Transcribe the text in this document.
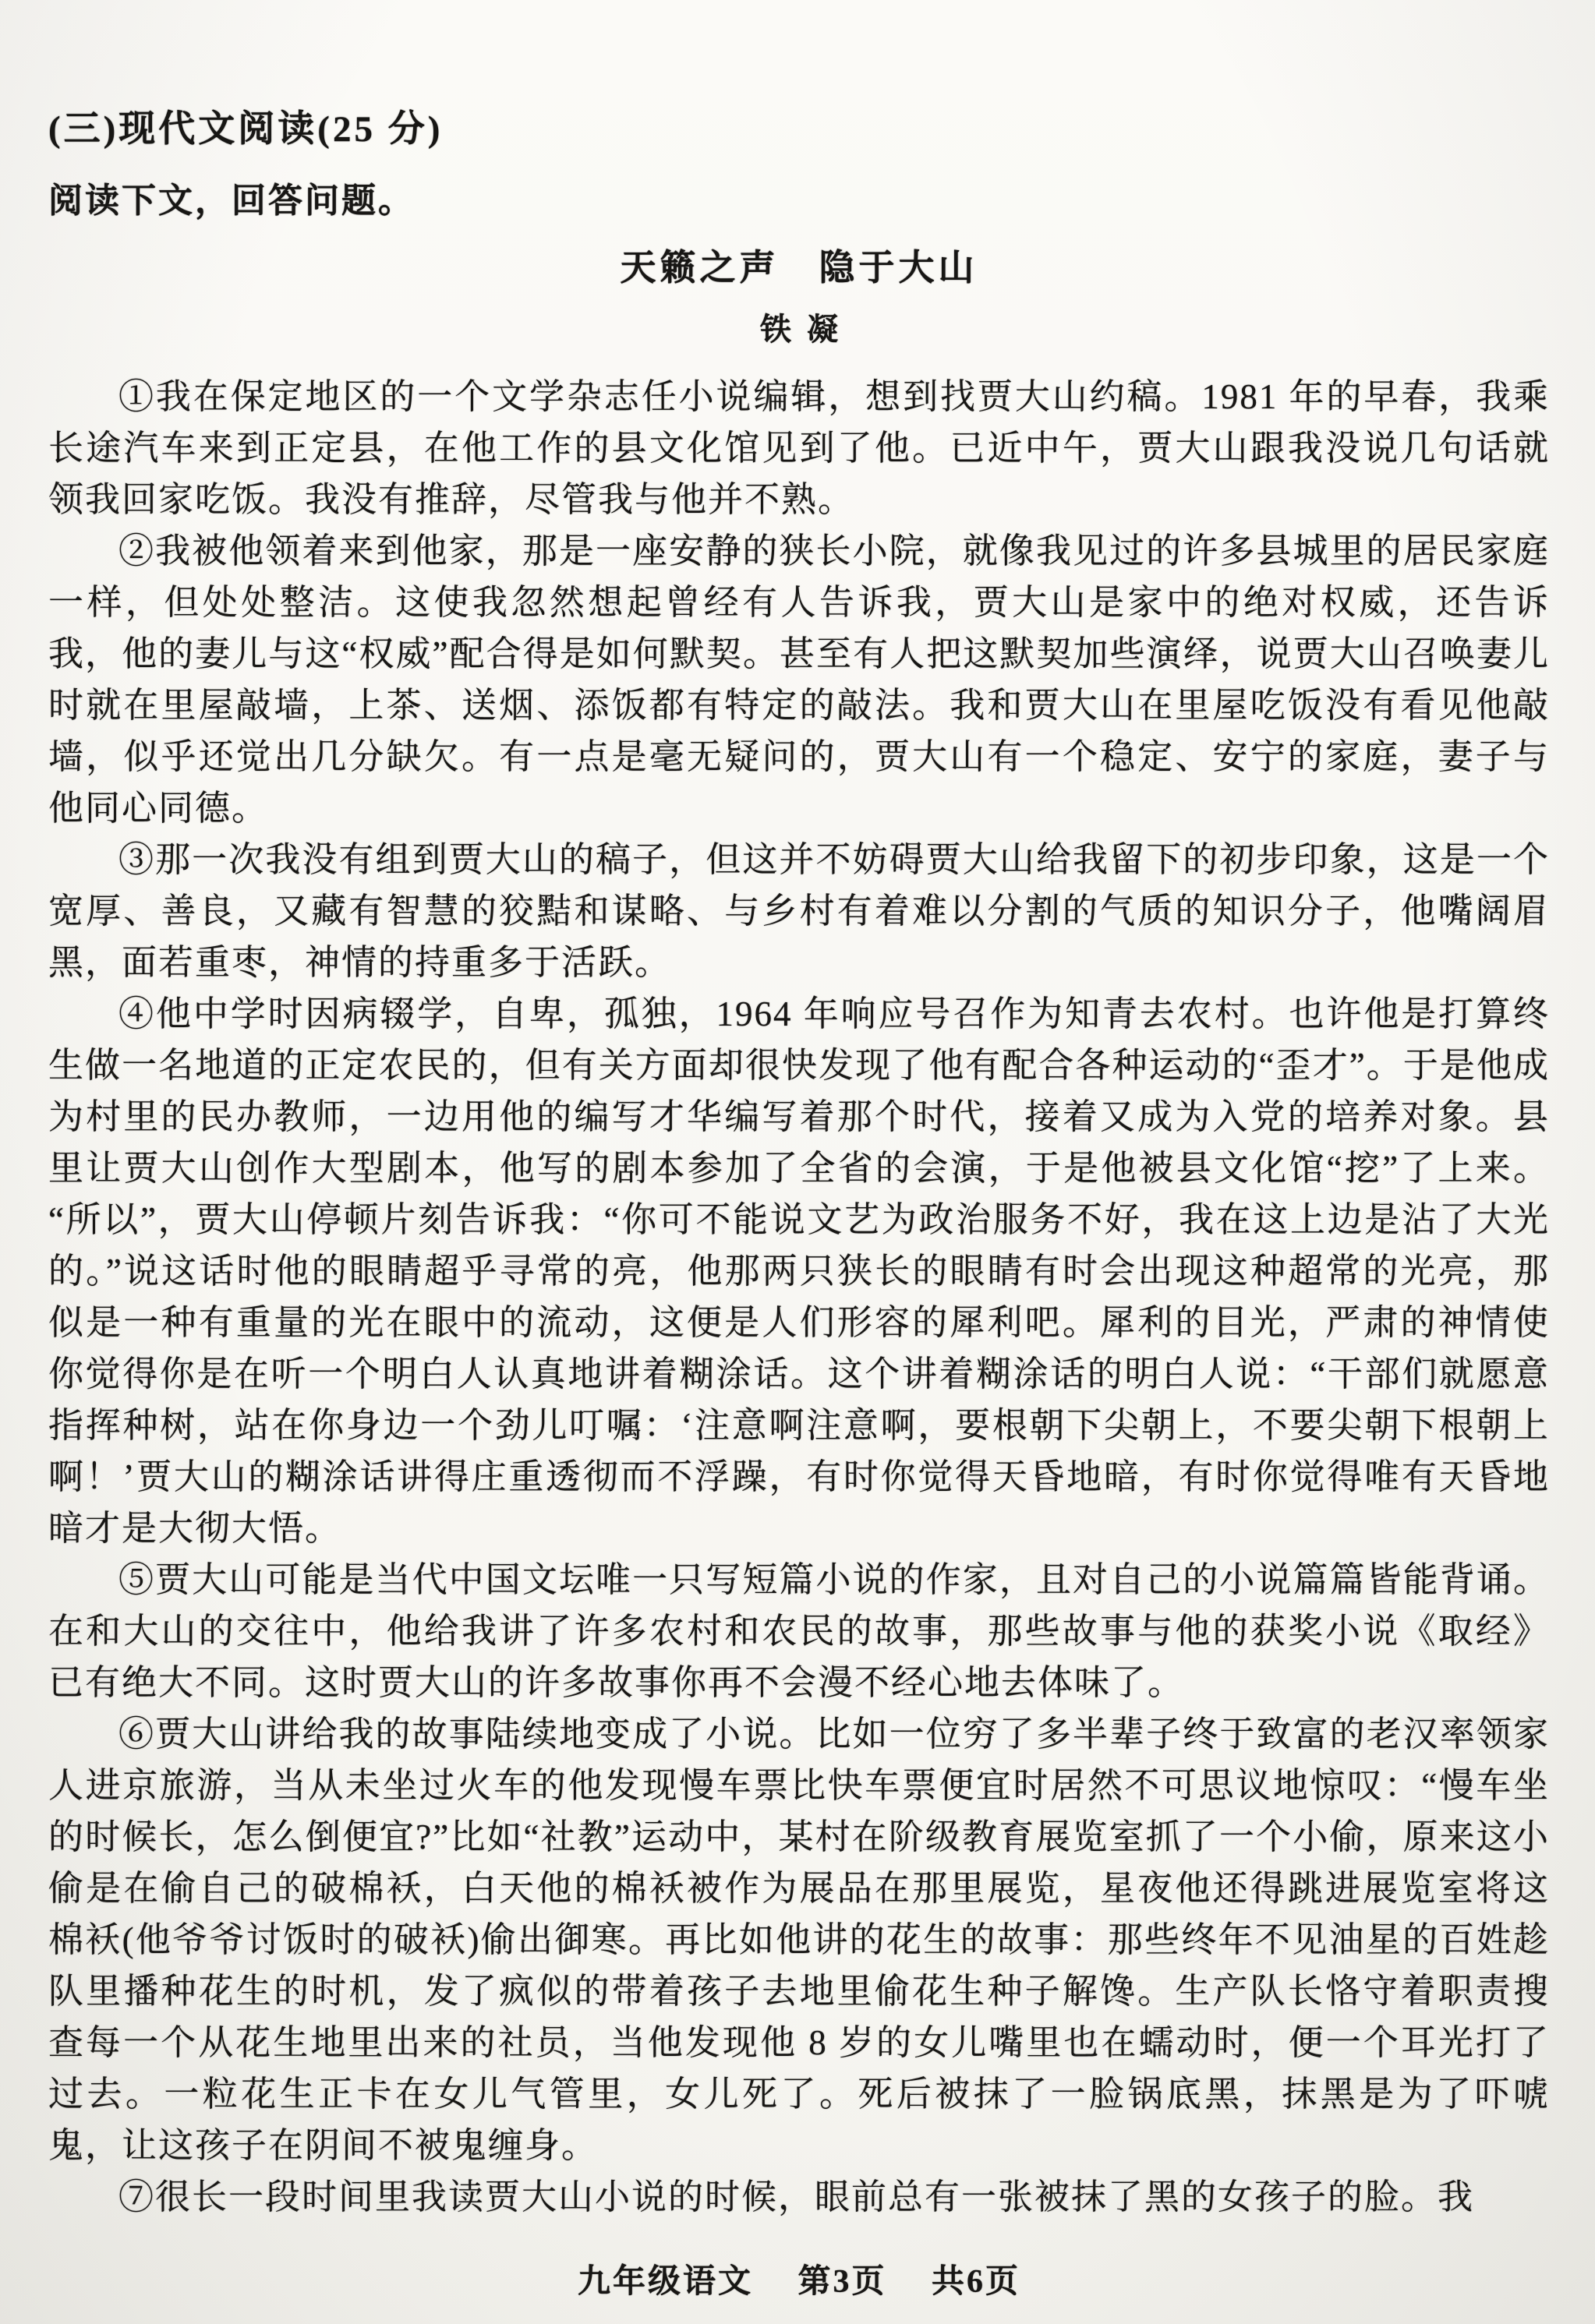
(三)现代文阅读(25 分)
阅读下文，回答问题。
天籁之声　隐于大山
铁凝

①我在保定地区的一个文学杂志任小说编辑，想到找贾大山约稿。1981 年的早春，我乘长途汽车来到正定县，在他工作的县文化馆见到了他。已近中午，贾大山跟我没说几句话就领我回家吃饭。我没有推辞，尽管我与他并不熟。

②我被他领着来到他家，那是一座安静的狭长小院，就像我见过的许多县城里的居民家庭一样，但处处整洁。这使我忽然想起曾经有人告诉我，贾大山是家中的绝对权威，还告诉我，他的妻儿与这“权威”配合得是如何默契。甚至有人把这默契加些演绎，说贾大山召唤妻儿时就在里屋敲墙，上茶、送烟、添饭都有特定的敲法。我和贾大山在里屋吃饭没有看见他敲墙，似乎还觉出几分缺欠。有一点是毫无疑问的，贾大山有一个稳定、安宁的家庭，妻子与他同心同德。

③那一次我没有组到贾大山的稿子，但这并不妨碍贾大山给我留下的初步印象，这是一个宽厚、善良，又藏有智慧的狡黠和谋略、与乡村有着难以分割的气质的知识分子，他嘴阔眉黑，面若重枣，神情的持重多于活跃。

④他中学时因病辍学，自卑，孤独，1964 年响应号召作为知青去农村。也许他是打算终生做一名地道的正定农民的，但有关方面却很快发现了他有配合各种运动的“歪才”。于是他成为村里的民办教师，一边用他的编写才华编写着那个时代，接着又成为入党的培养对象。县里让贾大山创作大型剧本，他写的剧本参加了全省的会演，于是他被县文化馆“挖”了上来。“所以”，贾大山停顿片刻告诉我：“你可不能说文艺为政治服务不好，我在这上边是沾了大光的。”说这话时他的眼睛超乎寻常的亮，他那两只狭长的眼睛有时会出现这种超常的光亮，那似是一种有重量的光在眼中的流动，这便是人们形容的犀利吧。犀利的目光，严肃的神情使你觉得你是在听一个明白人认真地讲着糊涂话。这个讲着糊涂话的明白人说：“干部们就愿意指挥种树，站在你身边一个劲儿叮嘱：‘注意啊注意啊，要根朝下尖朝上，不要尖朝下根朝上啊！’贾大山的糊涂话讲得庄重透彻而不浮躁，有时你觉得天昏地暗，有时你觉得唯有天昏地暗才是大彻大悟。

⑤贾大山可能是当代中国文坛唯一只写短篇小说的作家，且对自己的小说篇篇皆能背诵。在和大山的交往中，他给我讲了许多农村和农民的故事，那些故事与他的获奖小说《取经》已有绝大不同。这时贾大山的许多故事你再不会漫不经心地去体味了。

⑥贾大山讲给我的故事陆续地变成了小说。比如一位穷了多半辈子终于致富的老汉率领家人进京旅游，当从未坐过火车的他发现慢车票比快车票便宜时居然不可思议地惊叹：“慢车坐的时候长，怎么倒便宜?”比如“社教”运动中，某村在阶级教育展览室抓了一个小偷，原来这小偷是在偷自己的破棉袄，白天他的棉袄被作为展品在那里展览，星夜他还得跳进展览室将这棉袄(他爷爷讨饭时的破袄)偷出御寒。再比如他讲的花生的故事：那些终年不见油星的百姓趁队里播种花生的时机，发了疯似的带着孩子去地里偷花生种子解馋。生产队长恪守着职责搜查每一个从花生地里出来的社员，当他发现他 8 岁的女儿嘴里也在蠕动时，便一个耳光打了过去。一粒花生正卡在女儿气管里，女儿死了。死后被抹了一脸锅底黑，抹黑是为了吓唬鬼，让这孩子在阴间不被鬼缠身。

⑦很长一段时间里我读贾大山小说的时候，眼前总有一张被抹了黑的女孩子的脸。我

九年级语文 第3页 共6页
